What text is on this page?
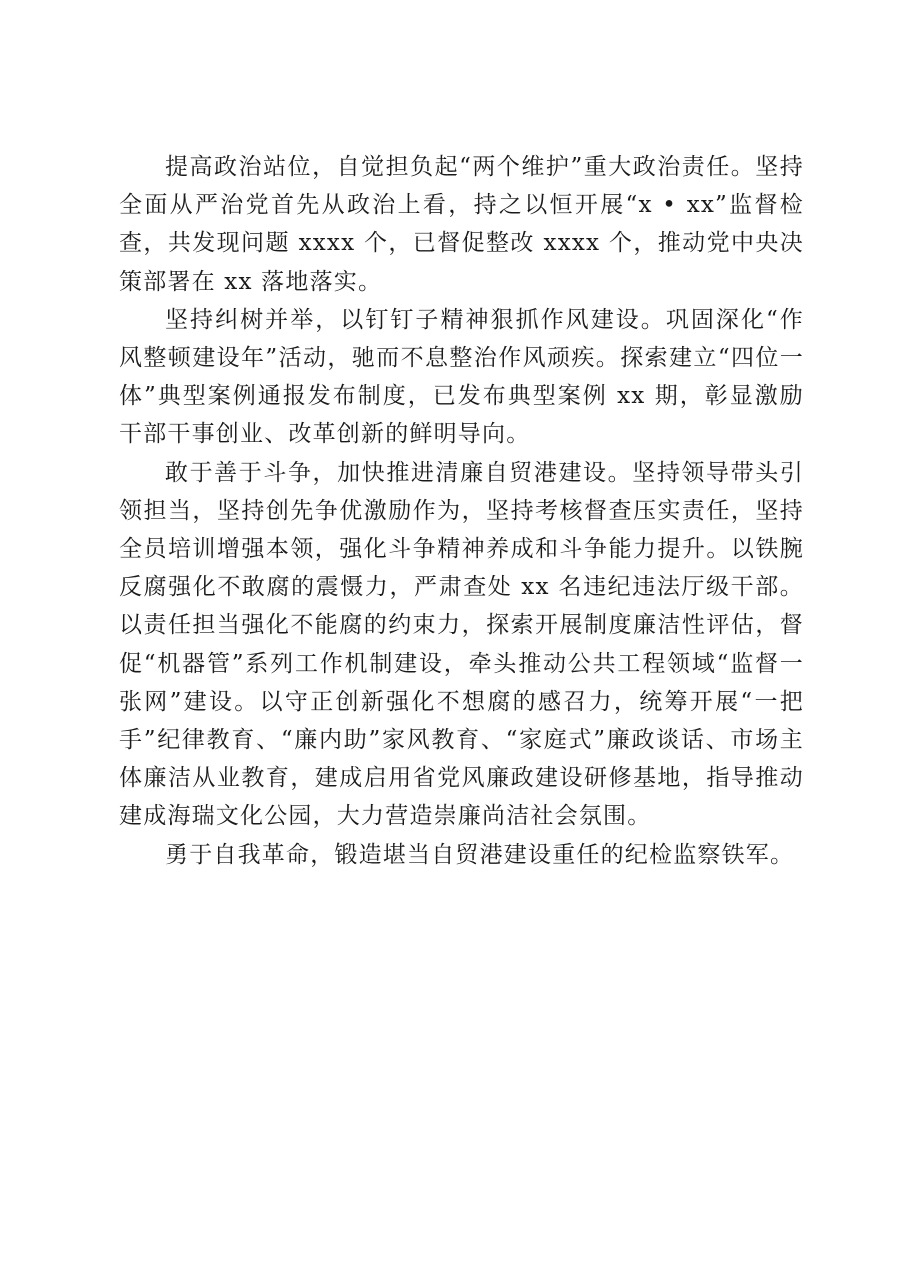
提高政治站位，自觉担负起“两个维护”重大政治责任。坚持全面从严治党首先从政治上看，持之以恒开展“x • xx”监督检查，共发现问题 xxxx 个，已督促整改 xxxx 个，推动党中央决策部署在 xx 落地落实。

坚持纠树并举，以钉钉子精神狠抓作风建设。巩固深化“作风整顿建设年”活动，驰而不息整治作风顽疾。探索建立“四位一体”典型案例通报发布制度，已发布典型案例 xx 期，彰显激励干部干事创业、改革创新的鲜明导向。

敢于善于斗争，加快推进清廉自贸港建设。坚持领导带头引领担当，坚持创先争优激励作为，坚持考核督查压实责任，坚持全员培训增强本领，强化斗争精神养成和斗争能力提升。以铁腕反腐强化不敢腐的震慑力，严肃查处 xx 名违纪违法厅级干部。以责任担当强化不能腐的约束力，探索开展制度廉洁性评估，督促“机器管”系列工作机制建设，牵头推动公共工程领域“监督一张网”建设。以守正创新强化不想腐的感召力，统筹开展“一把手”纪律教育、“廉内助”家风教育、“家庭式”廉政谈话、市场主体廉洁从业教育，建成启用省党风廉政建设研修基地，指导推动建成海瑞文化公园，大力营造崇廉尚洁社会氛围。

勇于自我革命，锻造堪当自贸港建设重任的纪检监察铁军。
